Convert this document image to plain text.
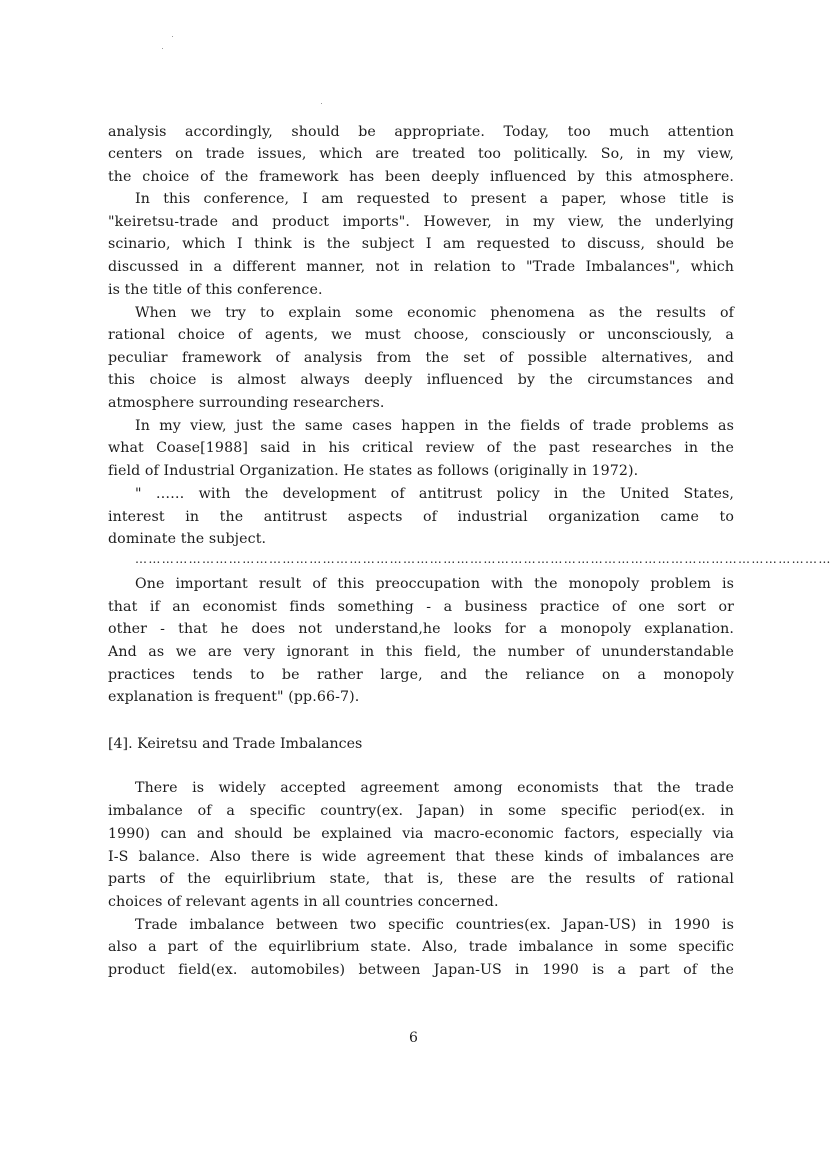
analysis accordingly, should be appropriate. Today, too much attention
centers on trade issues, which are treated too politically. So, in my view,
the choice of the framework has been deeply influenced by this atmosphere.
In this conference, I am requested to present a paper, whose title is
"keiretsu-trade and product imports". However, in my view, the underlying
scinario, which I think is the subject I am requested to discuss, should be
discussed in a different manner, not in relation to "Trade Imbalances", which
is the title of this conference.
When we try to explain some economic phenomena as the results of
rational choice of agents, we must choose, consciously or unconsciously, a
peculiar framework of analysis from the set of possible alternatives, and
this choice is almost always deeply influenced by the circumstances and
atmosphere surrounding researchers.
In my view, just the same cases happen in the fields of trade problems as
what Coase[1988] said in his critical review of the past researches in the
field of Industrial Organization. He states as follows (originally in 1972).
" …… with the development of antitrust policy in the United States,
interest in the antitrust aspects of industrial organization came to
dominate the subject.
…………………………………………………………………………………………………………………………………………
One important result of this preoccupation with the monopoly problem is
that if an economist finds something - a business practice of one sort or
other - that he does not understand,he looks for a monopoly explanation.
And as we are very ignorant in this field, the number of ununderstandable
practices tends to be rather large, and the reliance on a monopoly
explanation is frequent" (pp.66-7).
[4]. Keiretsu and Trade Imbalances
There is widely accepted agreement among economists that the trade
imbalance of a specific country(ex. Japan) in some specific period(ex. in
1990) can and should be explained via macro-economic factors, especially via
I-S balance. Also there is wide agreement that these kinds of imbalances are
parts of the equirlibrium state, that is, these are the results of rational
choices of relevant agents in all countries concerned.
Trade imbalance between two specific countries(ex. Japan-US) in 1990 is
also a part of the equirlibrium state. Also, trade imbalance in some specific
product field(ex. automobiles) between Japan-US in 1990 is a part of the
6
